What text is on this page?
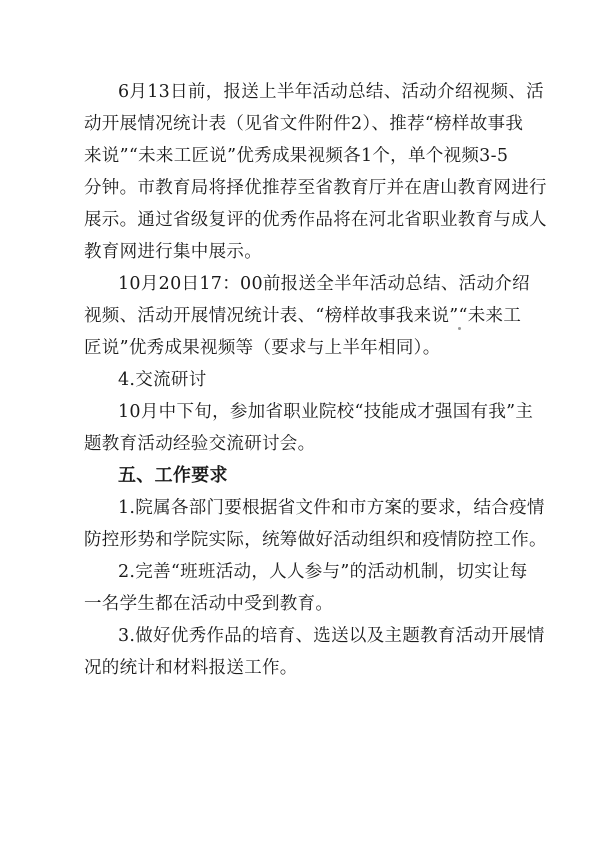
6月13日前，报送上半年活动总结、活动介绍视频、活
动开展情况统计表（见省文件附件2）、推荐“榜样故事我
来说”“未来工匠说”优秀成果视频各1个，单个视频3-5
分钟。市教育局将择优推荐至省教育厅并在唐山教育网进行
展示。通过省级复评的优秀作品将在河北省职业教育与成人
教育网进行集中展示。
10月20日17：00前报送全半年活动总结、活动介绍
视频、活动开展情况统计表、“榜样故事我来说”“未来工
匠说”优秀成果视频等（要求与上半年相同）。
4.交流研讨
10月中下旬，参加省职业院校“技能成才强国有我”主
题教育活动经验交流研讨会。
五、工作要求
1.院属各部门要根据省文件和市方案的要求，结合疫情
防控形势和学院实际，统筹做好活动组织和疫情防控工作。
2.完善“班班活动，人人参与”的活动机制，切实让每
一名学生都在活动中受到教育。
3.做好优秀作品的培育、选送以及主题教育活动开展情
况的统计和材料报送工作。
